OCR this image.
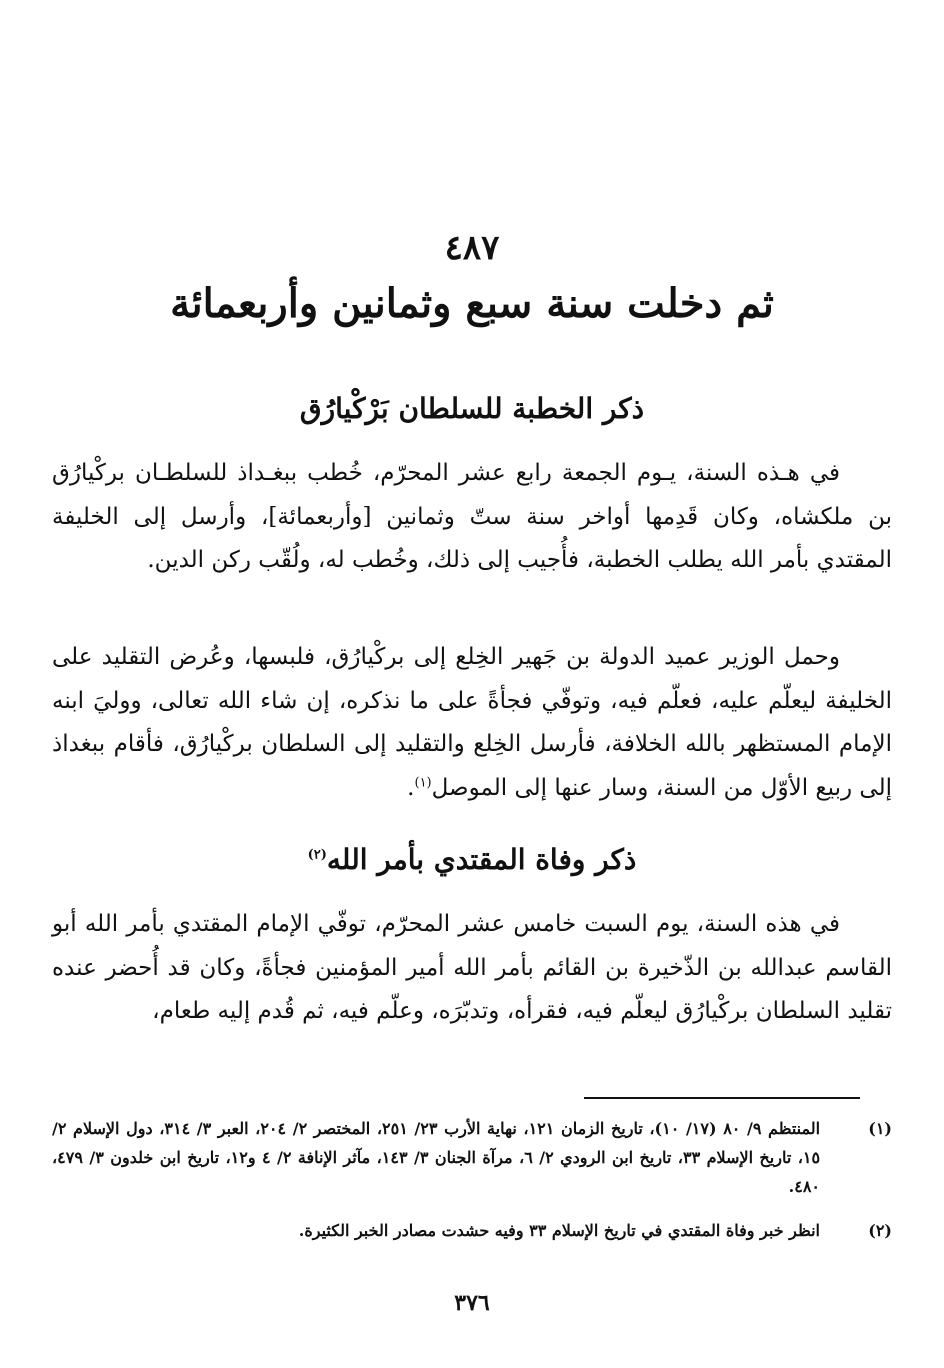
٤٨٧
ثم دخلت سنة سبع وثمانين وأربعمائة
ذكر الخطبة للسلطان بَرْكْيارُق
في هـذه السنة، يـوم الجمعة رابع عشر المحرّم، خُطب ببغـداذ للسلطـان بركْيارُق بن ملكشاه، وكان قَدِمها أواخر سنة ستّ وثمانين [وأربعمائة]، وأرسل إلى الخليفة المقتدي بأمر الله يطلب الخطبة، فأُجيب إلى ذلك، وخُطب له، ولُقّب ركن الدين.
وحمل الوزير عميد الدولة بن جَهير الخِلع إلى بركْيارُق، فلبسها، وعُرض التقليد على الخليفة ليعلّم عليه، فعلّم فيه، وتوفّي فجأةً على ما نذكره، إن شاء الله تعالى، ووليَ ابنه الإمام المستظهر بالله الخلافة، فأرسل الخِلع والتقليد إلى السلطان بركْيارُق، فأقام ببغداذ إلى ربيع الأوّل من السنة، وسار عنها إلى الموصل$^{(١)}$.
ذكر وفاة المقتدي بأمر الله$^{(٢)}$
في هذه السنة، يوم السبت خامس عشر المحرّم، توفّي الإمام المقتدي بأمر الله أبو القاسم عبدالله بن الذّخيرة بن القائم بأمر الله أمير المؤمنين فجأةً، وكان قد أُحضر عنده تقليد السلطان بركْيارُق ليعلّم فيه، فقرأه، وتدبّرَه، وعلّم فيه، ثم قُدم إليه طعام،
(١)
المنتظم ٩/ ٨٠ (١٧/ ١٠)، تاريخ الزمان ١٢١، نهاية الأرب ٢٣/ ٢٥١، المختصر ٢/ ٢٠٤، العبر ٣/ ٣١٤، دول الإسلام ٢/ ١٥، تاريخ الإسلام ٣٣، تاريخ ابن الرودي ٢/ ٦، مرآة الجنان ٣/ ١٤٣، مآثر الإنافة ٢/ ٤ و١٢، تاريخ ابن خلدون ٣/ ٤٧٩، ٤٨٠.
(٢)
انظر خبر وفاة المقتدي في تاريخ الإسلام ٣٣ وفيه حشدت مصادر الخبر الكثيرة.
٣٧٦
